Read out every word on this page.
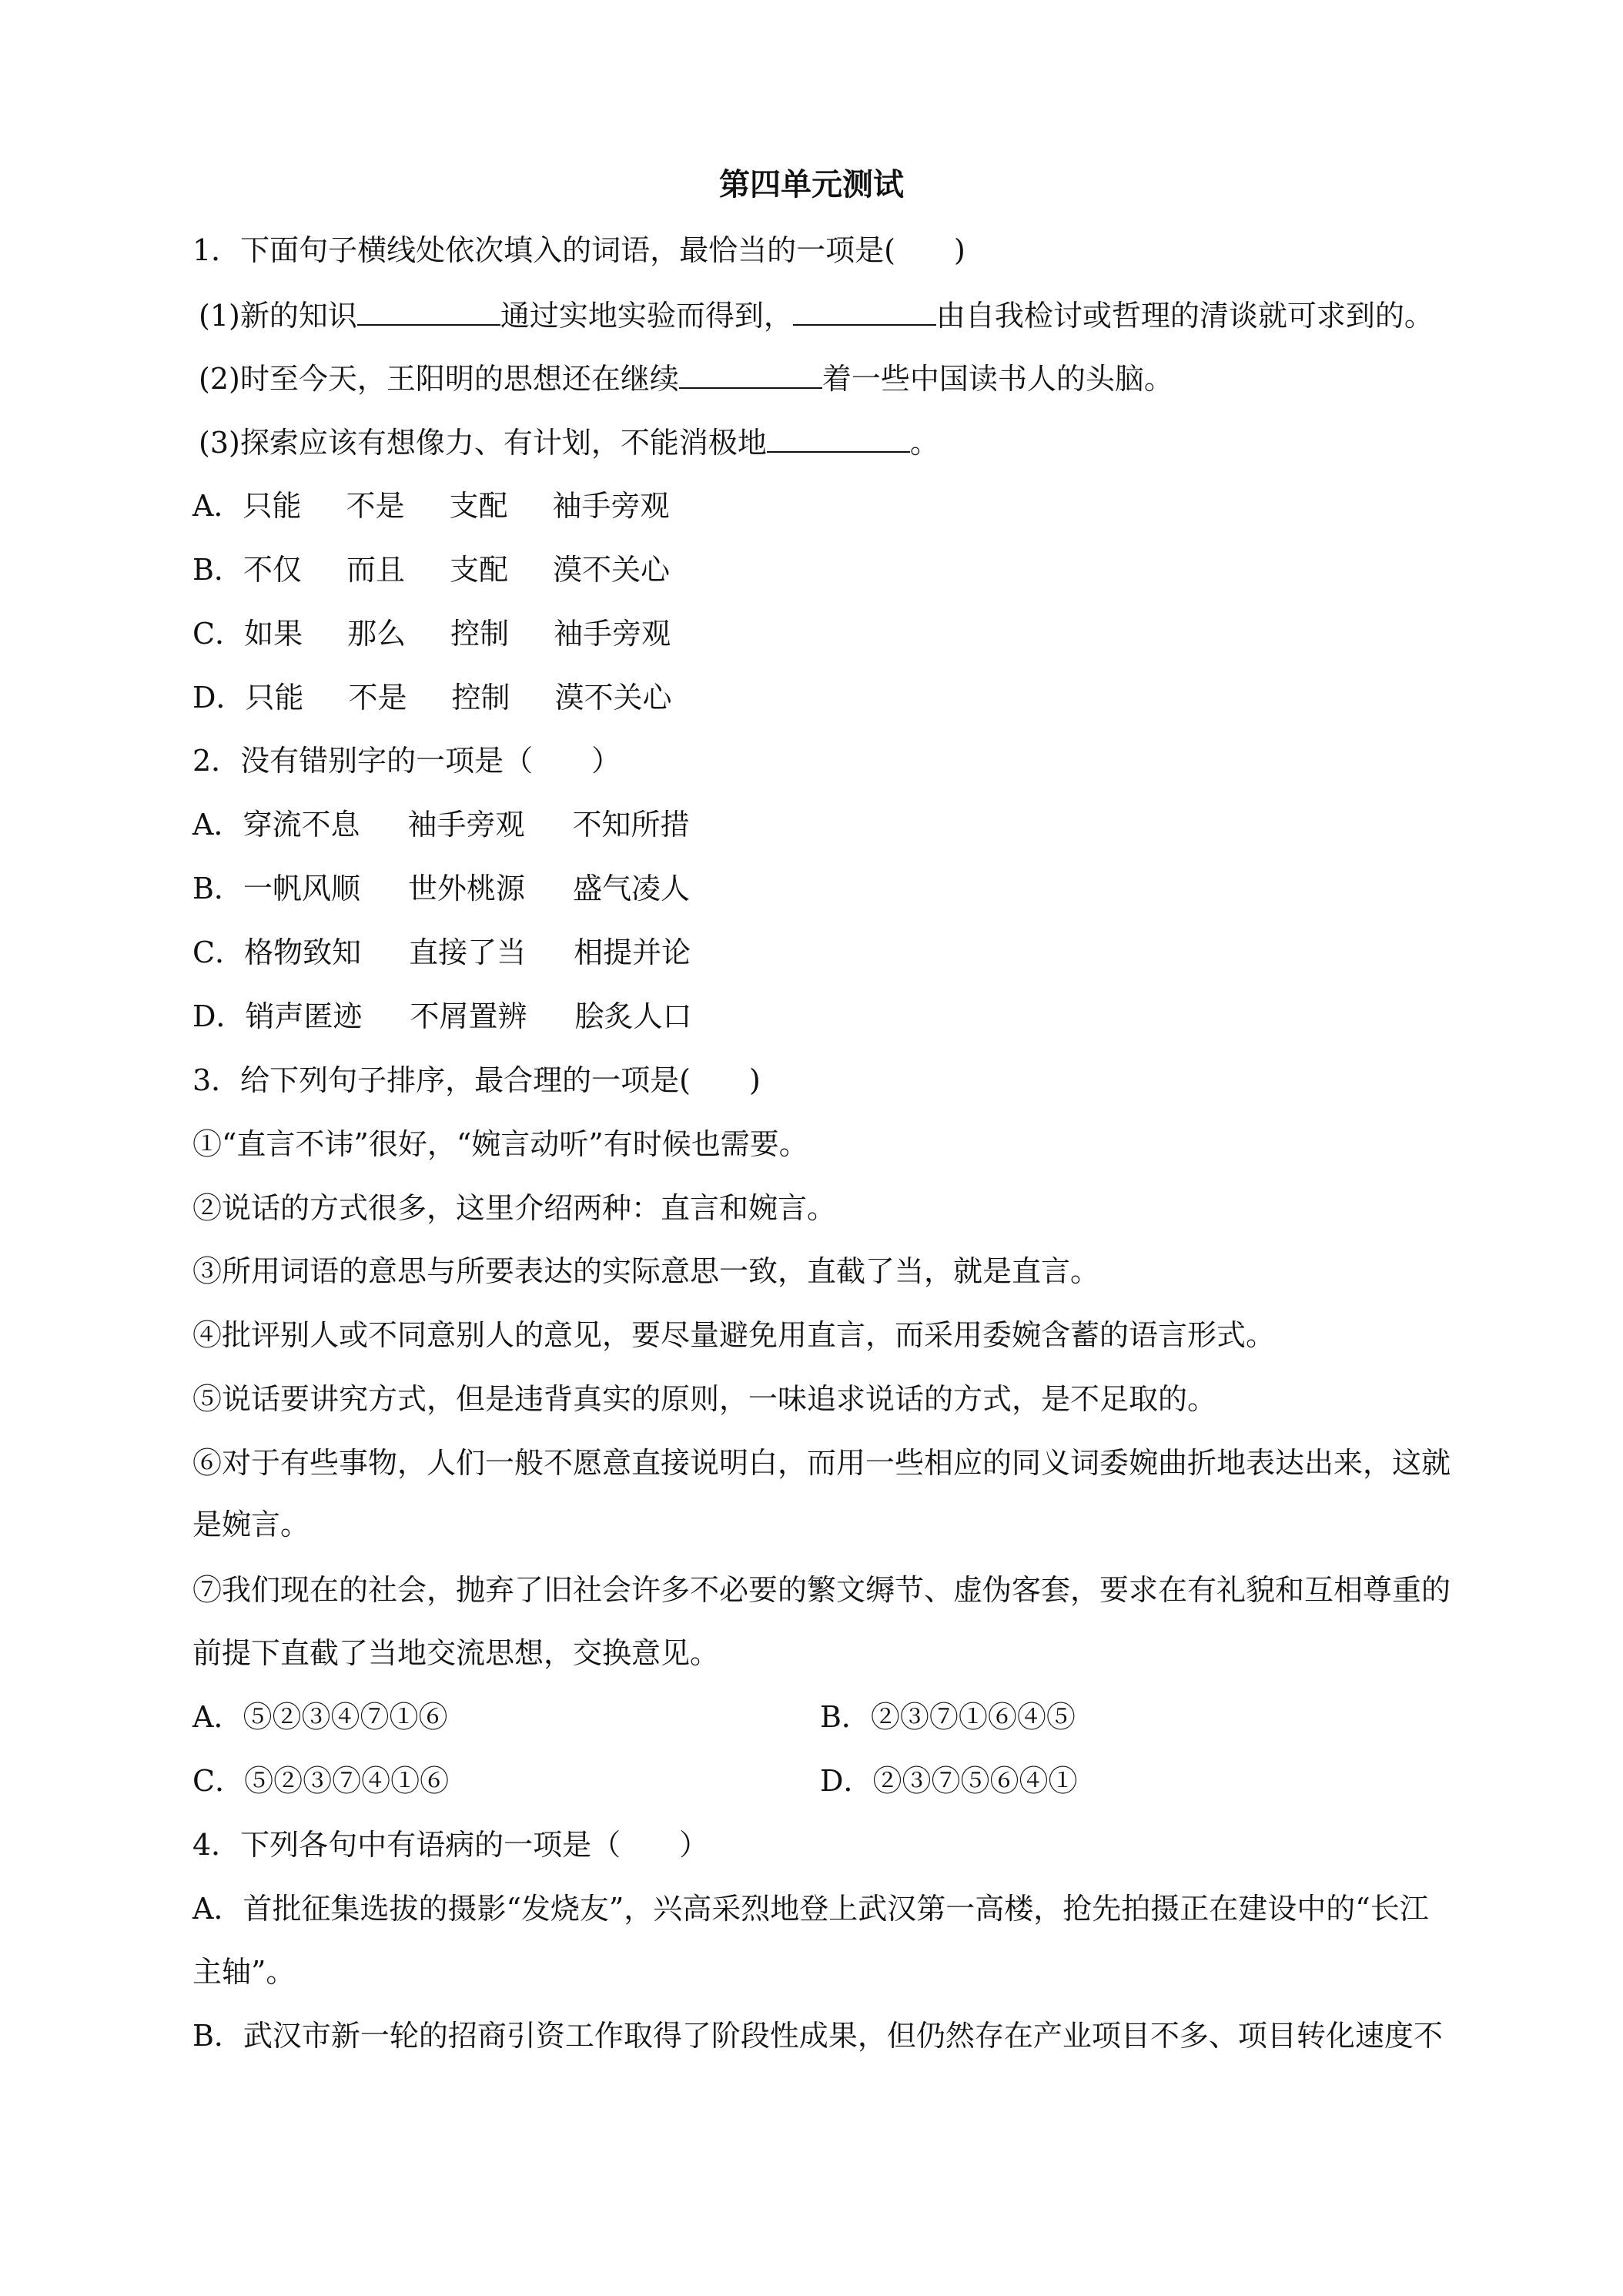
第四单元测试
1．下面句子横线处依次填入的词语，最恰当的一项是(　　)
(1)新的知识	通过实地实验而得到，	由自我检讨或哲理的清谈就可求到的。
(2)时至今天，王阳明的思想还在继续	着一些中国读书人的头脑。
(3)探索应该有想像力、有计划，不能消极地	。
A．只能 不是 支配 袖手旁观
B．不仅 而且 支配 漠不关心
C．如果 那么 控制 袖手旁观
D．只能 不是 控制 漠不关心
2．没有错别字的一项是（　　）
A．穿流不息 袖手旁观 不知所措
B．一帆风顺 世外桃源 盛气凌人
C．格物致知 直接了当 相提并论
D．销声匿迹 不屑置辨 脍炙人口
3．给下列句子排序，最合理的一项是(　　)
①“直言不讳”很好，“婉言动听”有时候也需要。
②说话的方式很多，这里介绍两种：直言和婉言。
③所用词语的意思与所要表达的实际意思一致，直截了当，就是直言。
④批评别人或不同意别人的意见，要尽量避免用直言，而采用委婉含蓄的语言形式。
⑤说话要讲究方式，但是违背真实的原则，一味追求说话的方式，是不足取的。
⑥对于有些事物，人们一般不愿意直接说明白，而用一些相应的同义词委婉曲折地表达出来，这就
是婉言。
⑦我们现在的社会，抛弃了旧社会许多不必要的繁文缛节、虚伪客套，要求在有礼貌和互相尊重的
前提下直截了当地交流思想，交换意见。
A．⑤②③④⑦①⑥	B．②③⑦①⑥④⑤
C．⑤②③⑦④①⑥	D．②③⑦⑤⑥④①
4．下列各句中有语病的一项是（　　）
A．首批征集选拔的摄影“发烧友”，兴高采烈地登上武汉第一高楼，抢先拍摄正在建设中的“长江
主轴”。
B．武汉市新一轮的招商引资工作取得了阶段性成果，但仍然存在产业项目不多、项目转化速度不
